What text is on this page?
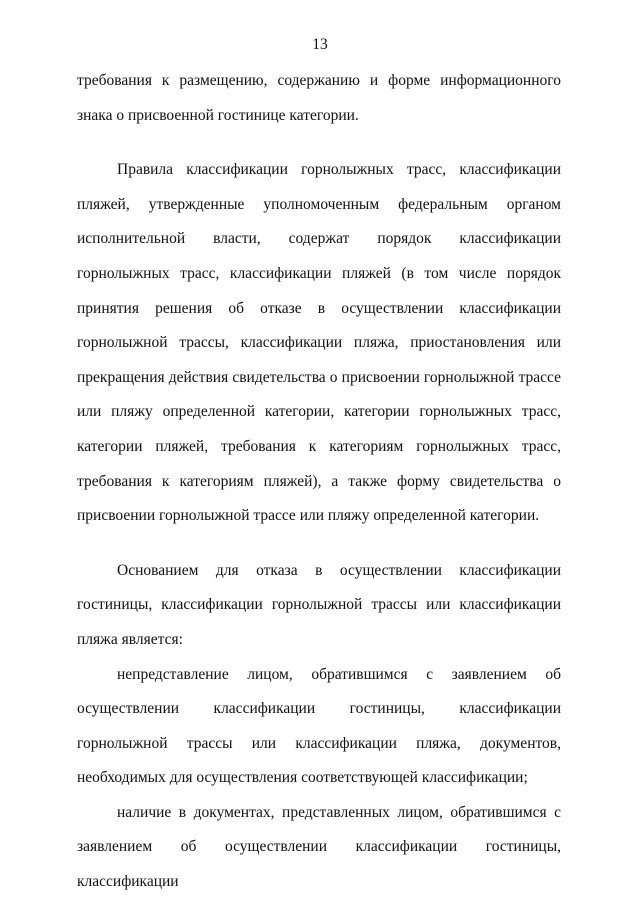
13

требования к размещению, содержанию и форме информационного знака о присвоенной гостинице категории.

Правила классификации горнолыжных трасс, классификации пляжей, утвержденные уполномоченным федеральным органом исполнительной власти, содержат порядок классификации горнолыжных трасс, классификации пляжей (в том числе порядок принятия решения об отказе в осуществлении классификации горнолыжной трассы, классификации пляжа, приостановления или прекращения действия свидетельства о присвоении горнолыжной трассе или пляжу определенной категории, категории горнолыжных трасс, категории пляжей, требования к категориям горнолыжных трасс, требования к категориям пляжей), а также форму свидетельства о присвоении горнолыжной трассе или пляжу определенной категории.

Основанием для отказа в осуществлении классификации гостиницы, классификации горнолыжной трассы или классификации пляжа является:

непредставление лицом, обратившимся с заявлением об осуществлении классификации гостиницы, классификации горнолыжной трассы или классификации пляжа, документов, необходимых для осуществления соответствующей классификации;

наличие в документах, представленных лицом, обратившимся с заявлением об осуществлении классификации гостиницы, классификации
